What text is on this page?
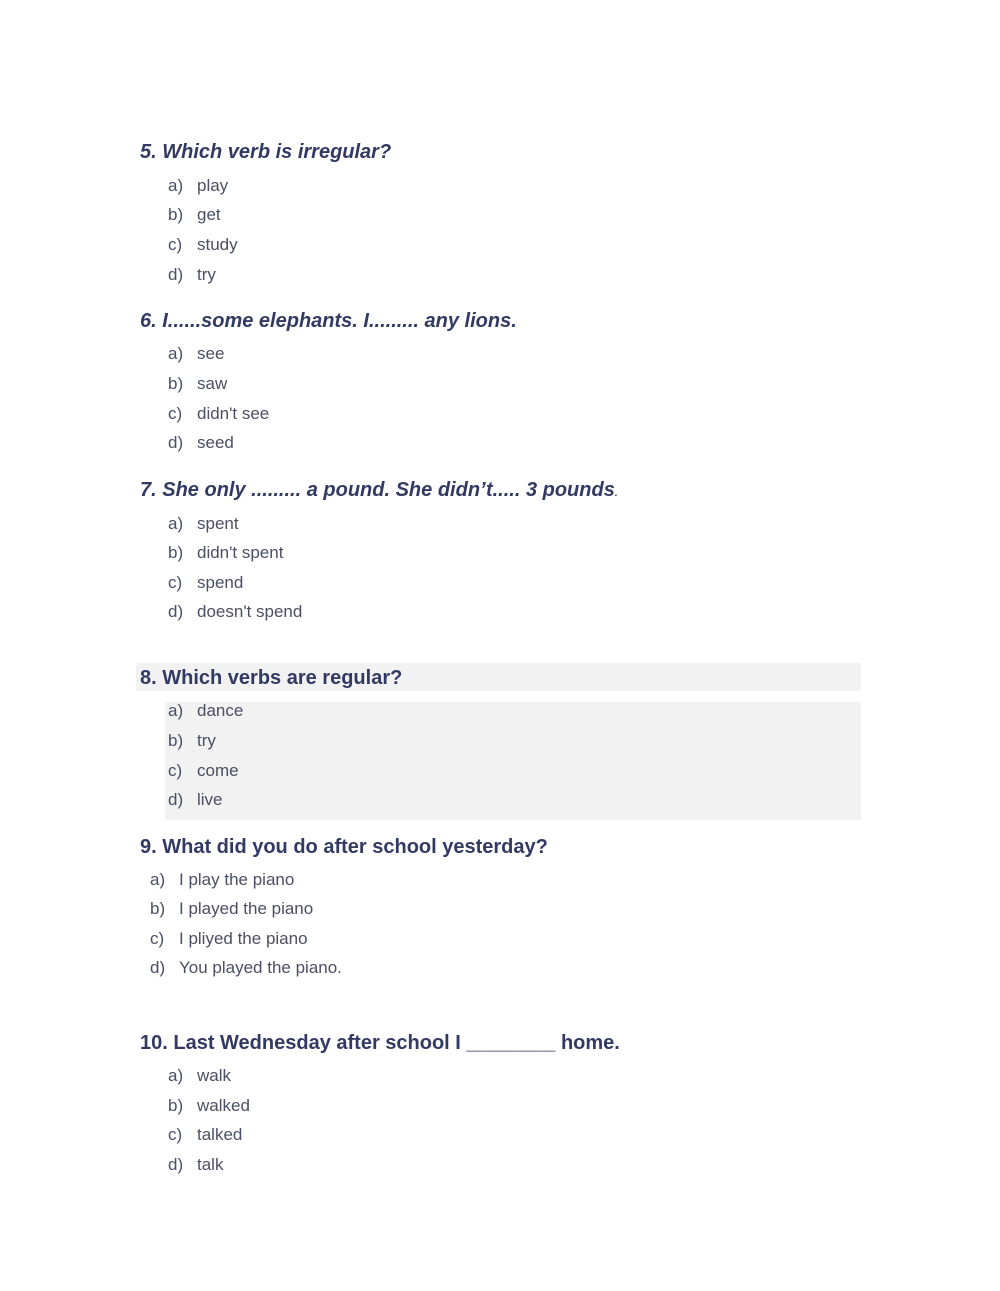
5. Which verb is irregular?
a) play
b) get
c) study
d) try
6. I......some elephants. I......... any lions.
a) see
b) saw
c) didn't see
d) seed
7. She only ......... a pound. She didn’t..... 3 pounds.
a) spent
b) didn't spent
c) spend
d) doesn't spend
8. Which verbs are regular?
a) dance
b) try
c) come
d) live
9. What did you do after school yesterday?
a) I play the piano
b) I played the piano
c) I pliyed the piano
d) You played the piano.
10. Last Wednesday after school I ________ home.
a) walk
b) walked
c) talked
d) talk
